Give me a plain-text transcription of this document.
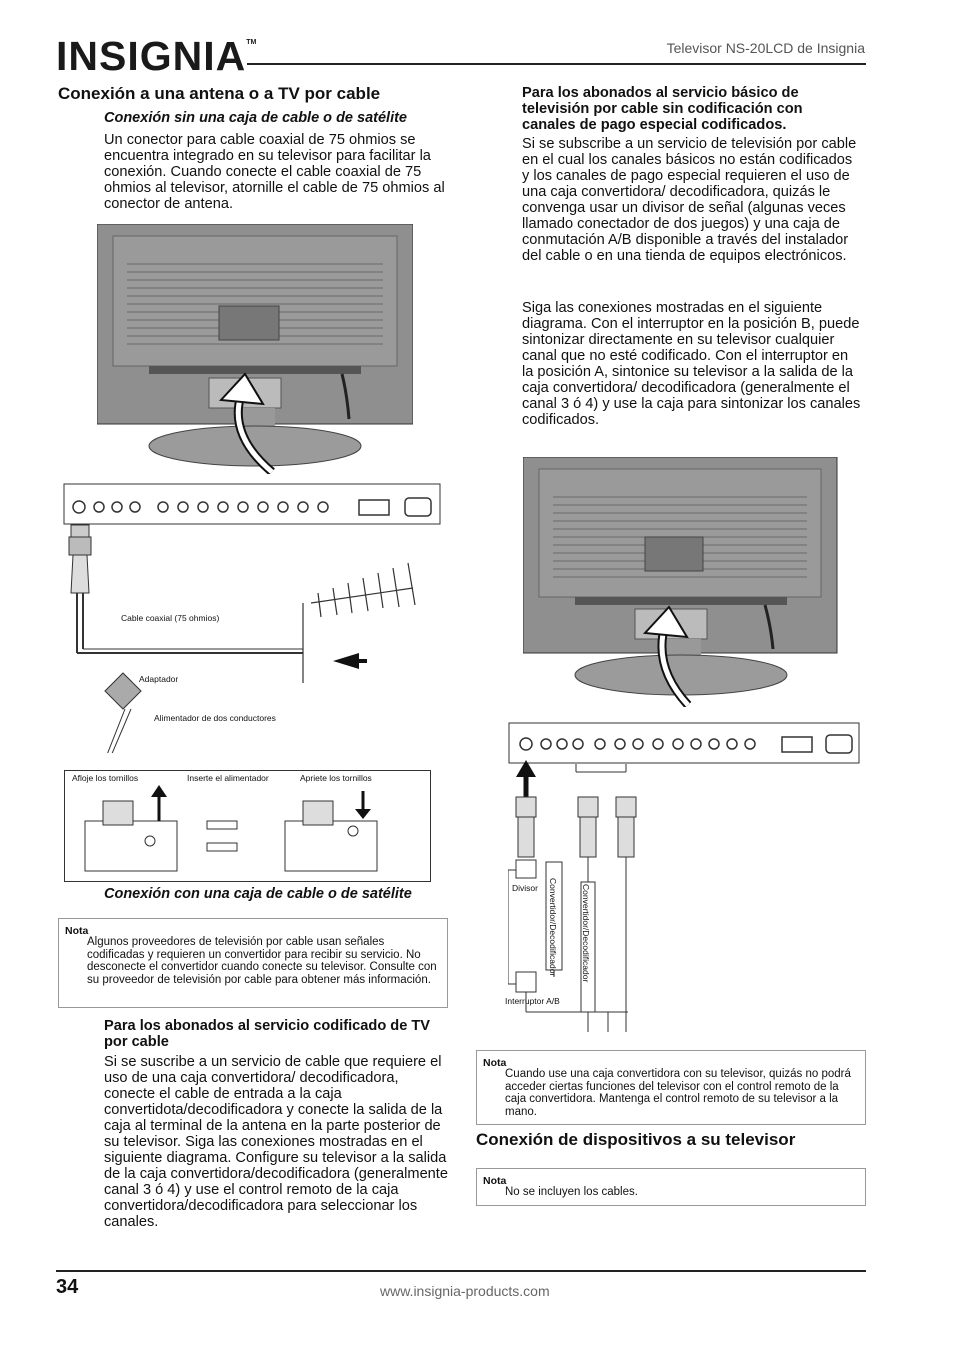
INSIGNIA™	Televisor NS-20LCD de Insignia
Conexión a una antena o a TV por cable
Conexión sin una caja de cable o de satélite
Un conector para cable coaxial de 75 ohmios se encuentra integrado en su televisor para facilitar la conexión. Cuando conecte el cable coaxial de 75 ohmios al televisor, atornille el cable de 75 ohmios al conector de antena.
Cable coaxial (75 ohmios)
Adaptador
Alimentador de dos conductores
Afloje los tornillos	Inserte el alimentador	Apriete los tornillos
Conexión con una caja de cable o de satélite
Nota
Algunos proveedores de televisión por cable usan señales codificadas y requieren un convertidor para recibir su servicio. No desconecte el convertidor cuando conecte su televisor. Consulte con su proveedor de televisión por cable para obtener más información.
Para los abonados al servicio codificado de TV por cable
Si se suscribe a un servicio de cable que requiere el uso de una caja convertidora/ decodificadora, conecte el cable de entrada a la caja convertidota/decodificadora y conecte la salida de la caja al terminal de la antena en la parte posterior de su televisor. Siga las conexiones mostradas en el siguiente diagrama. Configure su televisor a la salida de la caja convertidora/decodificadora (generalmente canal 3 ó 4) y use el control remoto de la caja convertidora/decodificadora para seleccionar los canales.
Para los abonados al servicio básico de televisión por cable sin codificación con canales de pago especial codificados.
Si se subscribe a un servicio de televisión por cable en el cual los canales básicos no están codificados y los canales de pago especial requieren el uso de una caja convertidora/ decodificadora, quizás le convenga usar un divisor de señal (algunas veces llamado conectador de dos juegos) y una caja de conmutación A/B disponible a través del instalador del cable o en una tienda de equipos electrónicos.
Siga las conexiones mostradas en el siguiente diagrama. Con el interruptor en la posición B, puede sintonizar directamente en su televisor cualquier canal que no esté codificado. Con el interruptor en la posición A, sintonice su televisor a la salida de la caja convertidora/ decodificadora (generalmente el canal 3 ó 4) y use la caja para sintonizar los canales codificados.
Divisor Convertidor/Decodificador	Convertidor/Decodificador
Interruptor A/B
Nota
Cuando use una caja convertidora con su televisor, quizás no podrá acceder ciertas funciones del televisor con el control remoto de la caja convertidora. Mantenga el control remoto de su televisor a la mano.
Conexión de dispositivos a su televisor
Nota
No se incluyen los cables.
34	www.insignia-products.com
